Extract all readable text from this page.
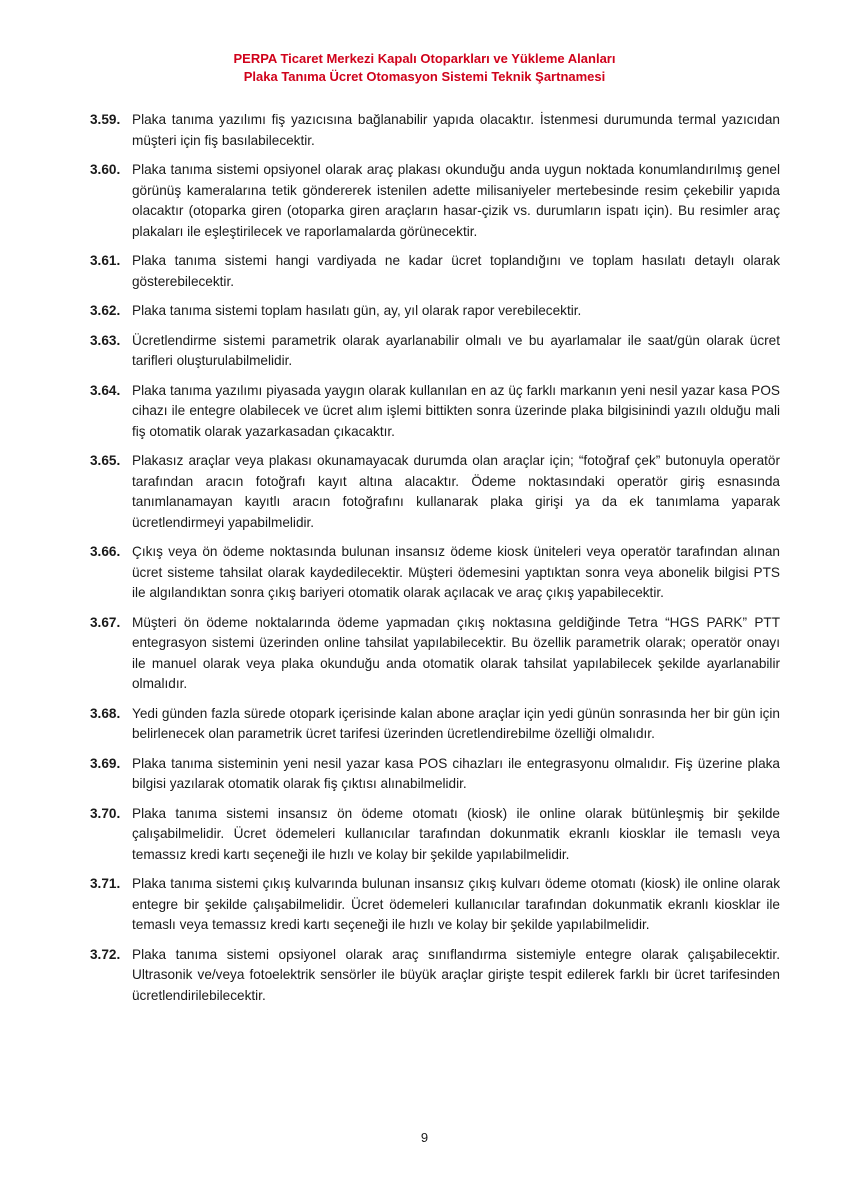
PERPA Ticaret Merkezi Kapalı Otoparkları ve Yükleme Alanları
Plaka Tanıma Ücret Otomasyon Sistemi Teknik Şartnamesi
3.59. Plaka tanıma yazılımı fiş yazıcısına bağlanabilir yapıda olacaktır. İstenmesi durumunda termal yazıcıdan müşteri için fiş basılabilecektir.
3.60. Plaka tanıma sistemi opsiyonel olarak araç plakası okunduğu anda uygun noktada konumlandırılmış genel görünüş kameralarına tetik göndererek istenilen adette milisaniyeler mertebesinde resim çekebilir yapıda olacaktır (otoparka giren (otoparka giren araçların hasar-çizik vs. durumların ispatı için). Bu resimler araç plakaları ile eşleştirilecek ve raporlamalarda görünecektir.
3.61. Plaka tanıma sistemi hangi vardiyada ne kadar ücret toplandığını ve toplam hasılatı detaylı olarak gösterebilecektir.
3.62. Plaka tanıma sistemi toplam hasılatı gün, ay, yıl olarak rapor verebilecektir.
3.63. Ücretlendirme sistemi parametrik olarak ayarlanabilir olmalı ve bu ayarlamalar ile saat/gün olarak ücret tarifleri oluşturulabilmelidir.
3.64. Plaka tanıma yazılımı piyasada yaygın olarak kullanılan en az üç farklı markanın yeni nesil yazar kasa POS cihazı ile entegre olabilecek ve ücret alım işlemi bittikten sonra üzerinde plaka bilgisinindi yazılı olduğu mali fiş otomatik olarak yazarkasadan çıkacaktır.
3.65. Plakasız araçlar veya plakası okunamayacak durumda olan araçlar için; “fotoğraf çek” butonuyla operatör tarafından aracın fotoğrafı kayıt altına alacaktır. Ödeme noktasındaki operatör giriş esnasında tanımlanamayan kayıtlı aracın fotoğrafını kullanarak plaka girişi ya da ek tanımlama yaparak ücretlendirmeyi yapabilmelidir.
3.66. Çıkış veya ön ödeme noktasında bulunan insansız ödeme kiosk üniteleri veya operatör tarafından alınan ücret sisteme tahsilat olarak kaydedilecektir. Müşteri ödemesini yaptıktan sonra veya abonelik bilgisi PTS ile algılandıktan sonra çıkış bariyeri otomatik olarak açılacak ve araç çıkış yapabilecektir.
3.67. Müşteri ön ödeme noktalarında ödeme yapmadan çıkış noktasına geldiğinde Tetra “HGS PARK” PTT entegrasyon sistemi üzerinden online tahsilat yapılabilecektir. Bu özellik parametrik olarak; operatör onayı ile manuel olarak veya plaka okunduğu anda otomatik olarak tahsilat yapılabilecek şekilde ayarlanabilir olmalıdır.
3.68. Yedi günden fazla sürede otopark içerisinde kalan abone araçlar için yedi günün sonrasında her bir gün için belirlenecek olan parametrik ücret tarifesi üzerinden ücretlendirebilme özelliği olmalıdır.
3.69. Plaka tanıma sisteminin yeni nesil yazar kasa POS cihazları ile entegrasyonu olmalıdır. Fiş üzerine plaka bilgisi yazılarak otomatik olarak fiş çıktısı alınabilmelidir.
3.70. Plaka tanıma sistemi insansız ön ödeme otomatı (kiosk) ile online olarak bütünleşmiş bir şekilde çalışabilmelidir. Ücret ödemeleri kullanıcılar tarafından dokunmatik ekranlı kiosklar ile temaslı veya temassız kredi kartı seçeneği ile hızlı ve kolay bir şekilde yapılabilmelidir.
3.71. Plaka tanıma sistemi çıkış kulvarında bulunan insansız çıkış kulvarı ödeme otomatı (kiosk) ile online olarak entegre bir şekilde çalışabilmelidir. Ücret ödemeleri kullanıcılar tarafından dokunmatik ekranlı kiosklar ile temaslı veya temassız kredi kartı seçeneği ile hızlı ve kolay bir şekilde yapılabilmelidir.
3.72. Plaka tanıma sistemi opsiyonel olarak araç sınıflandırma sistemiyle entegre olarak çalışabilecektir. Ultrasonik ve/veya fotoelektrik sensörler ile büyük araçlar girişte tespit edilerek farklı bir ücret tarifesinden ücretlendirilebilecektir.
9
